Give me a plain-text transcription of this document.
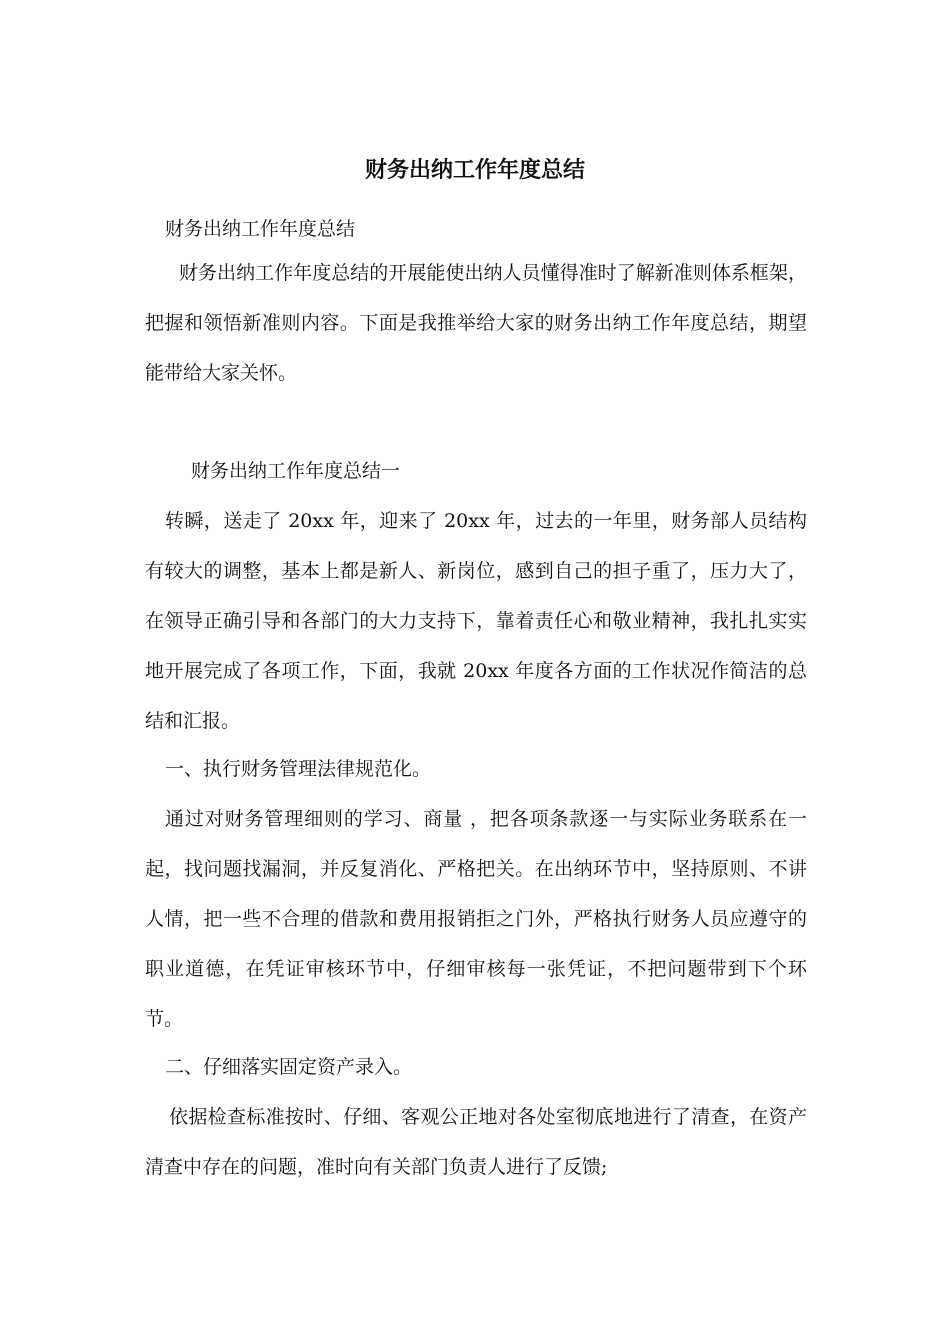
财务出纳工作年度总结
财务出纳工作年度总结
财务出纳工作年度总结的开展能使出纳人员懂得准时了解新准则体系框架，把握和领悟新准则内容。下面是我推举给大家的财务出纳工作年度总结，期望能带给大家关怀。
财务出纳工作年度总结一
转瞬，送走了 20xx 年，迎来了 20xx 年，过去的一年里，财务部人员结构有较大的调整，基本上都是新人、新岗位，感到自己的担子重了，压力大了，在领导正确引导和各部门的大力支持下，靠着责任心和敬业精神，我扎扎实实地开展完成了各项工作，下面，我就 20xx 年度各方面的工作状况作简洁的总结和汇报。
一、执行财务管理法律规范化。
通过对财务管理细则的学习、商量 ，把各项条款逐一与实际业务联系在一起，找问题找漏洞，并反复消化、严格把关。在出纳环节中，坚持原则、不讲人情，把一些不合理的借款和费用报销拒之门外，严格执行财务人员应遵守的职业道德，在凭证审核环节中，仔细审核每一张凭证，不把问题带到下个环节。
二、仔细落实固定资产录入。
依据检查标准按时、仔细、客观公正地对各处室彻底地进行了清查，在资产清查中存在的问题，准时向有关部门负责人进行了反馈;
